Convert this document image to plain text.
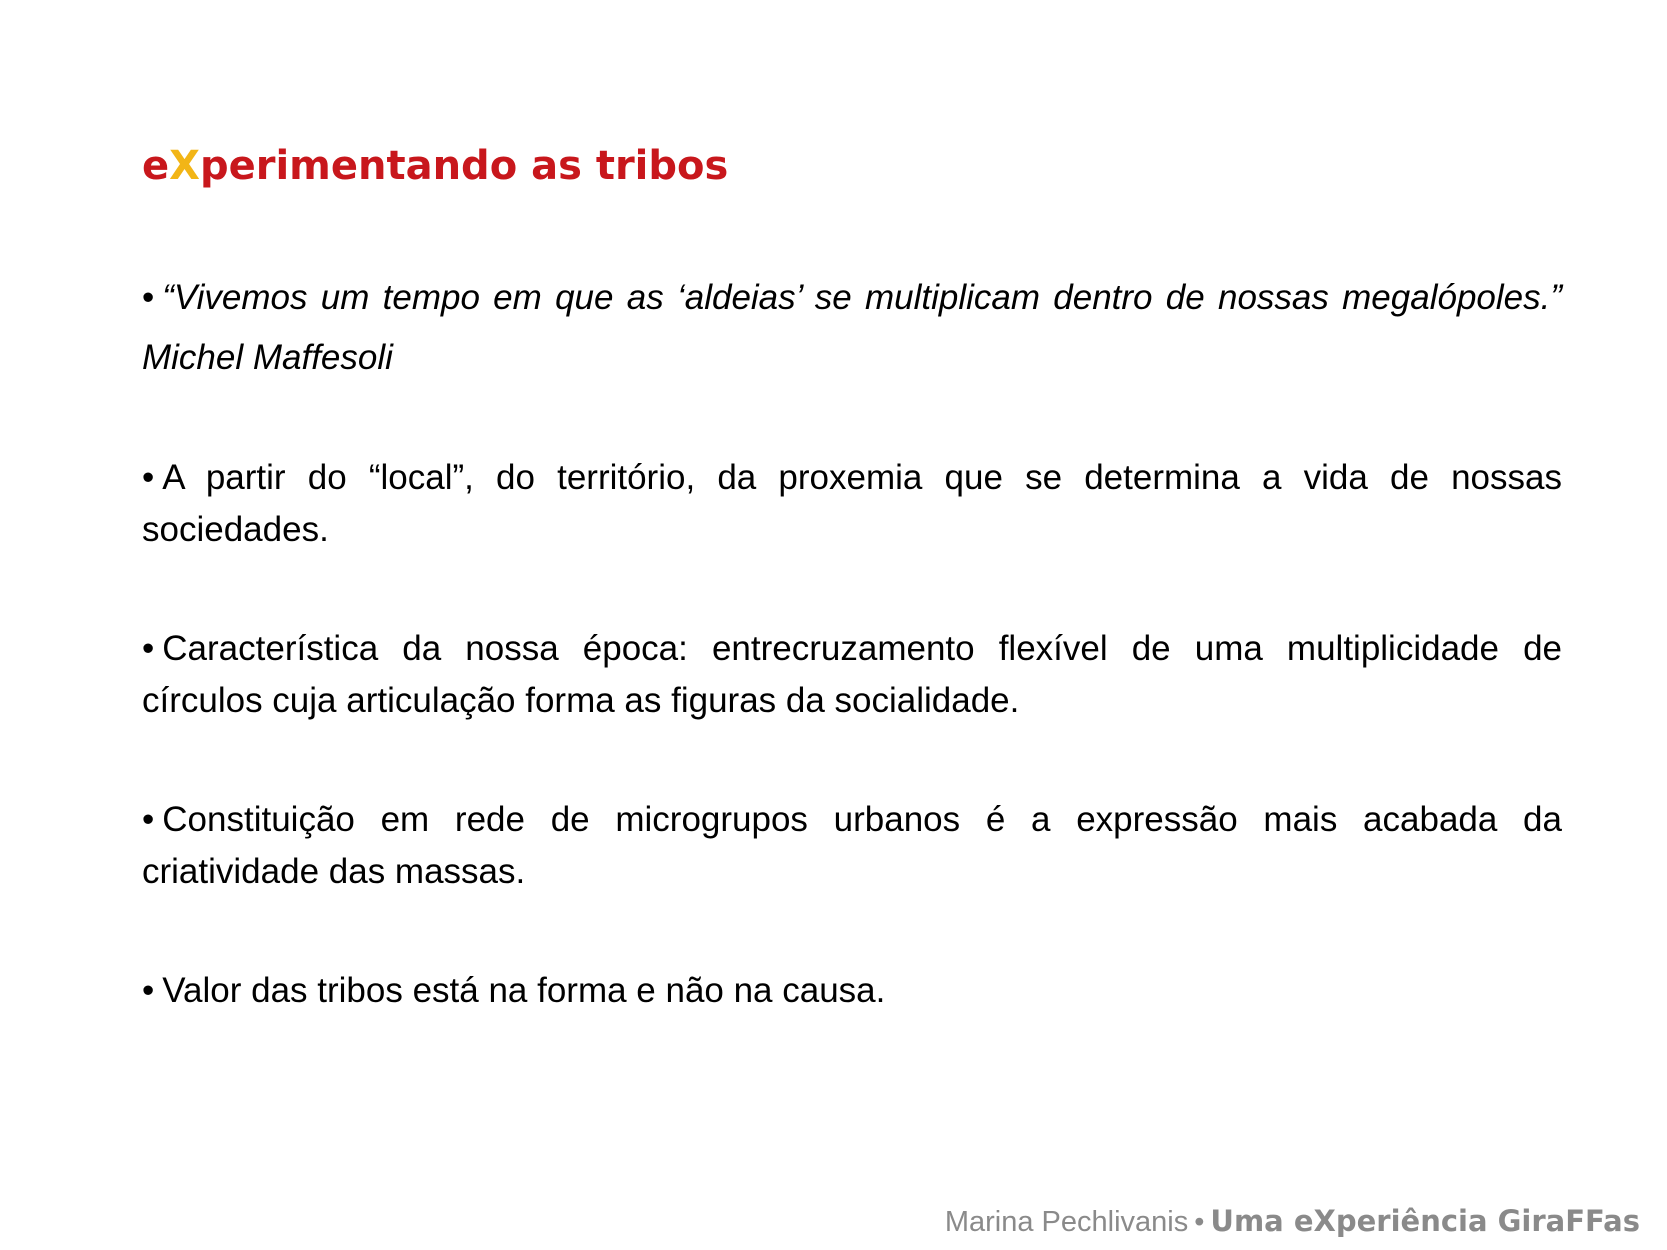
eXperimentando as tribos

• “Vivemos um tempo em que as ‘aldeias’ se multiplicam dentro de nossas megalópoles.” Michel Maffesoli

• A partir do “local”, do território, da proxemia que se determina a vida de nossas sociedades.

• Característica da nossa época: entrecruzamento flexível de uma multiplicidade de círculos cuja articulação forma as figuras da socialidade.

• Constituição em rede de microgrupos urbanos é a expressão mais acabada da criatividade das massas.

• Valor das tribos está na forma e não na causa.

Marina Pechlivanis • Uma eXperiência GiraFFas
